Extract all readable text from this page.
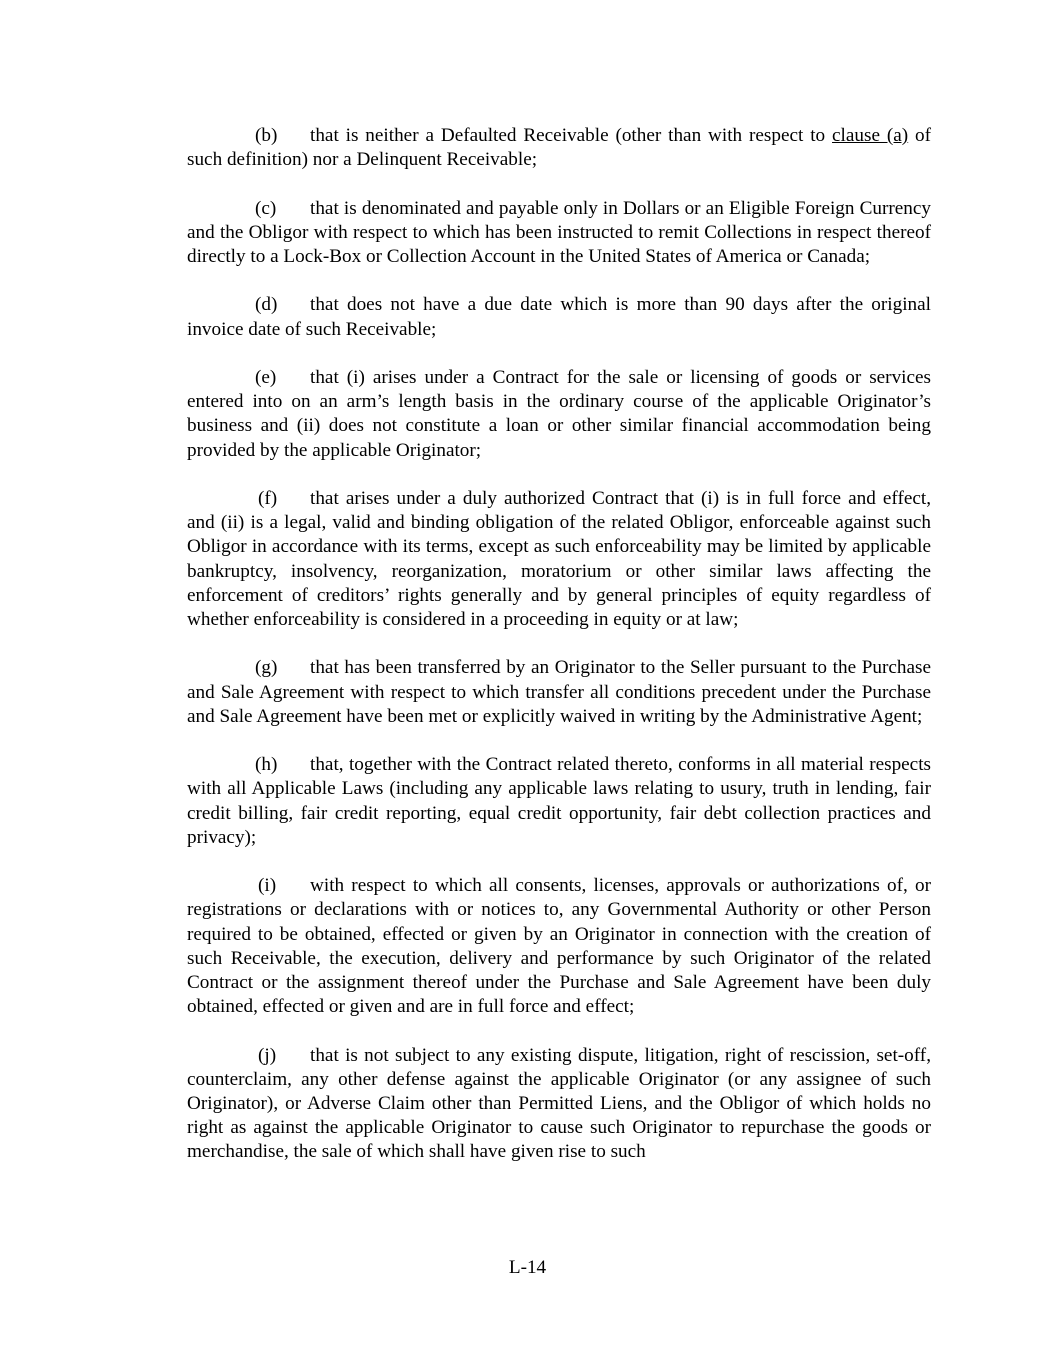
(b) that is neither a Defaulted Receivable (other than with respect to clause (a) of such definition) nor a Delinquent Receivable;

(c) that is denominated and payable only in Dollars or an Eligible Foreign Currency and the Obligor with respect to which has been instructed to remit Collections in respect thereof directly to a Lock-Box or Collection Account in the United States of America or Canada;

(d) that does not have a due date which is more than 90 days after the original invoice date of such Receivable;

(e) that (i) arises under a Contract for the sale or licensing of goods or services entered into on an arm’s length basis in the ordinary course of the applicable Originator’s business and (ii) does not constitute a loan or other similar financial accommodation being provided by the applicable Originator;

(f) that arises under a duly authorized Contract that (i) is in full force and effect, and (ii) is a legal, valid and binding obligation of the related Obligor, enforceable against such Obligor in accordance with its terms, except as such enforceability may be limited by applicable bankruptcy, insolvency, reorganization, moratorium or other similar laws affecting the enforcement of creditors’ rights generally and by general principles of equity regardless of whether enforceability is considered in a proceeding in equity or at law;

(g) that has been transferred by an Originator to the Seller pursuant to the Purchase and Sale Agreement with respect to which transfer all conditions precedent under the Purchase and Sale Agreement have been met or explicitly waived in writing by the Administrative Agent;

(h) that, together with the Contract related thereto, conforms in all material respects with all Applicable Laws (including any applicable laws relating to usury, truth in lending, fair credit billing, fair credit reporting, equal credit opportunity, fair debt collection practices and privacy);

(i) with respect to which all consents, licenses, approvals or authorizations of, or registrations or declarations with or notices to, any Governmental Authority or other Person required to be obtained, effected or given by an Originator in connection with the creation of such Receivable, the execution, delivery and performance by such Originator of the related Contract or the assignment thereof under the Purchase and Sale Agreement have been duly obtained, effected or given and are in full force and effect;

(j) that is not subject to any existing dispute, litigation, right of rescission, set-off, counterclaim, any other defense against the applicable Originator (or any assignee of such Originator), or Adverse Claim other than Permitted Liens, and the Obligor of which holds no right as against the applicable Originator to cause such Originator to repurchase the goods or merchandise, the sale of which shall have given rise to such

L-14
